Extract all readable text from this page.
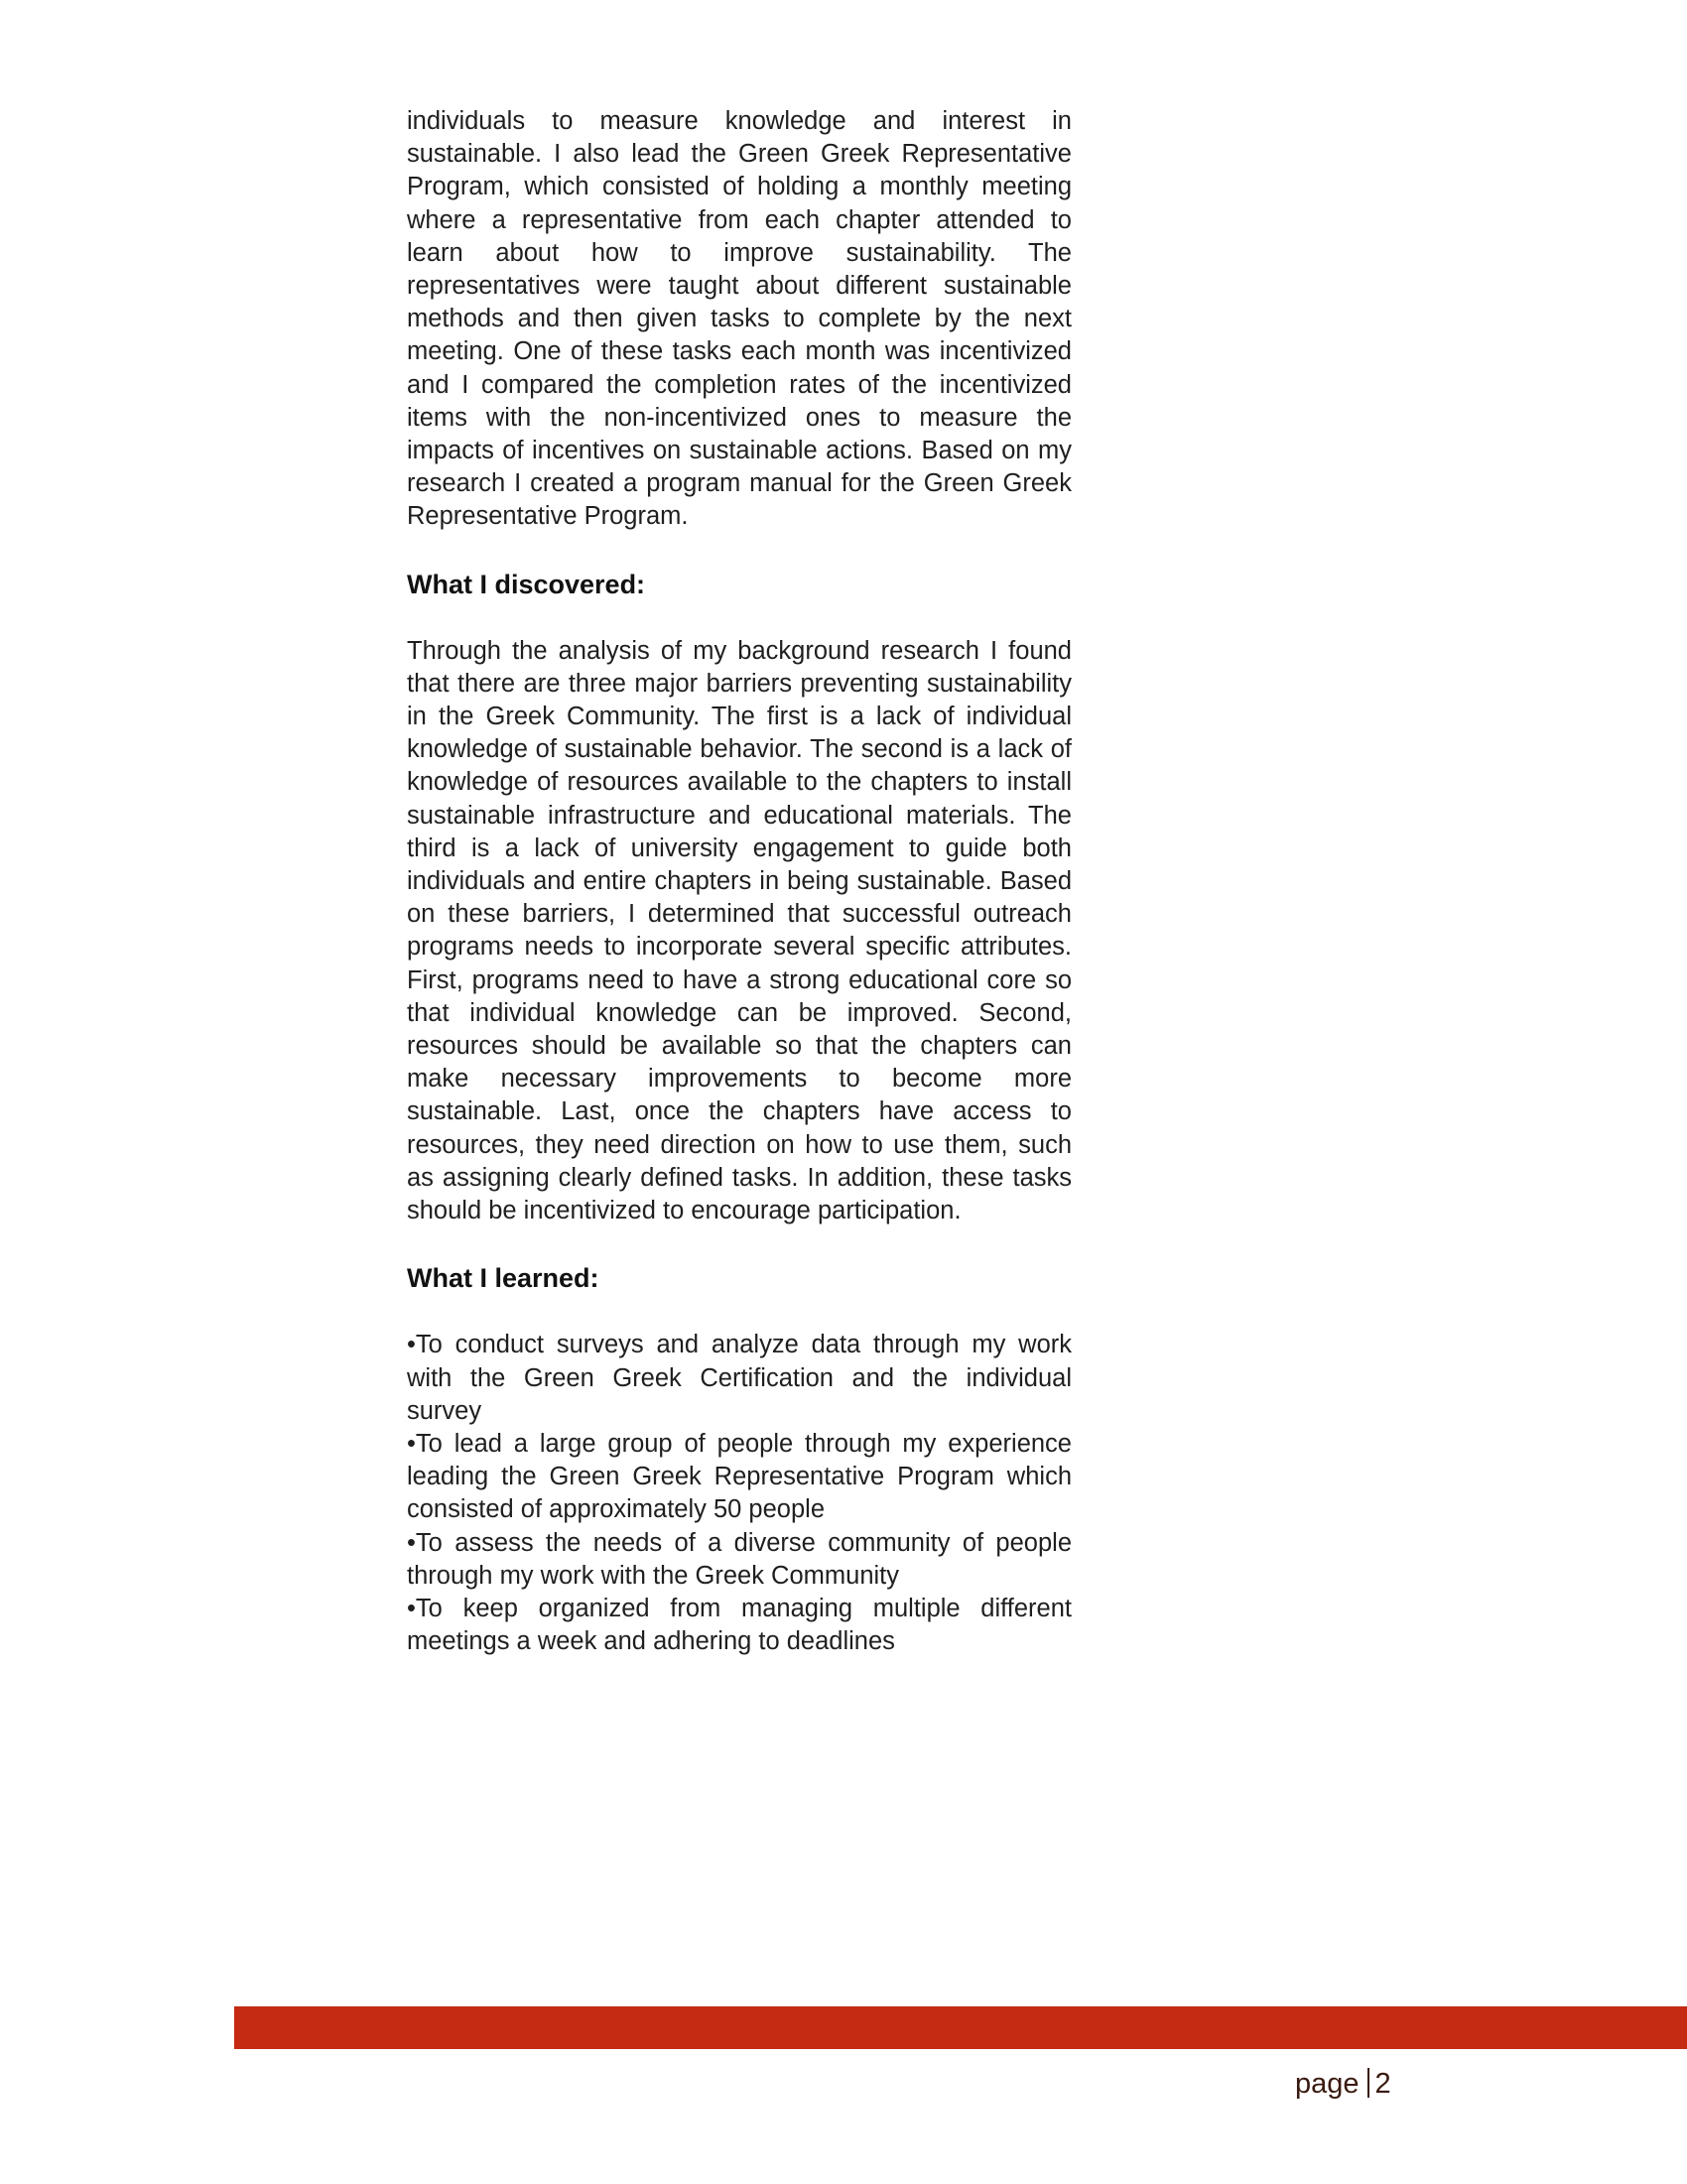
individuals to measure knowledge and interest in sustainable. I also lead the Green Greek Representative Program, which consisted of holding a monthly meeting where a representative from each chapter attended to learn about how to improve sustainability. The representatives were taught about different sustainable methods and then given tasks to complete by the next meeting. One of these tasks each month was incentivized and I compared the completion rates of the incentivized items with the non-incentivized ones to measure the impacts of incentives on sustainable actions. Based on my research I created a program manual for the Green Greek Representative Program.

What I discovered:

Through the analysis of my background research I found that there are three major barriers preventing sustainability in the Greek Community. The first is a lack of individual knowledge of sustainable behavior. The second is a lack of knowledge of resources available to the chapters to install sustainable infrastructure and educational materials. The third is a lack of university engagement to guide both individuals and entire chapters in being sustainable. Based on these barriers, I determined that successful outreach programs needs to incorporate several specific attributes. First, programs need to have a strong educational core so that individual knowledge can be improved. Second, resources should be available so that the chapters can make necessary improvements to become more sustainable. Last, once the chapters have access to resources, they need direction on how to use them, such as assigning clearly defined tasks. In addition, these tasks should be incentivized to encourage participation.

What I learned:
•To conduct surveys and analyze data through my work with the Green Greek Certification and the individual survey
•To lead a large group of people through my experience leading the Green Greek Representative Program which consisted of approximately 50 people
•To assess the needs of a diverse community of people through my work with the Greek Community
•To keep organized from managing multiple different meetings a week and adhering to deadlines
page 2
